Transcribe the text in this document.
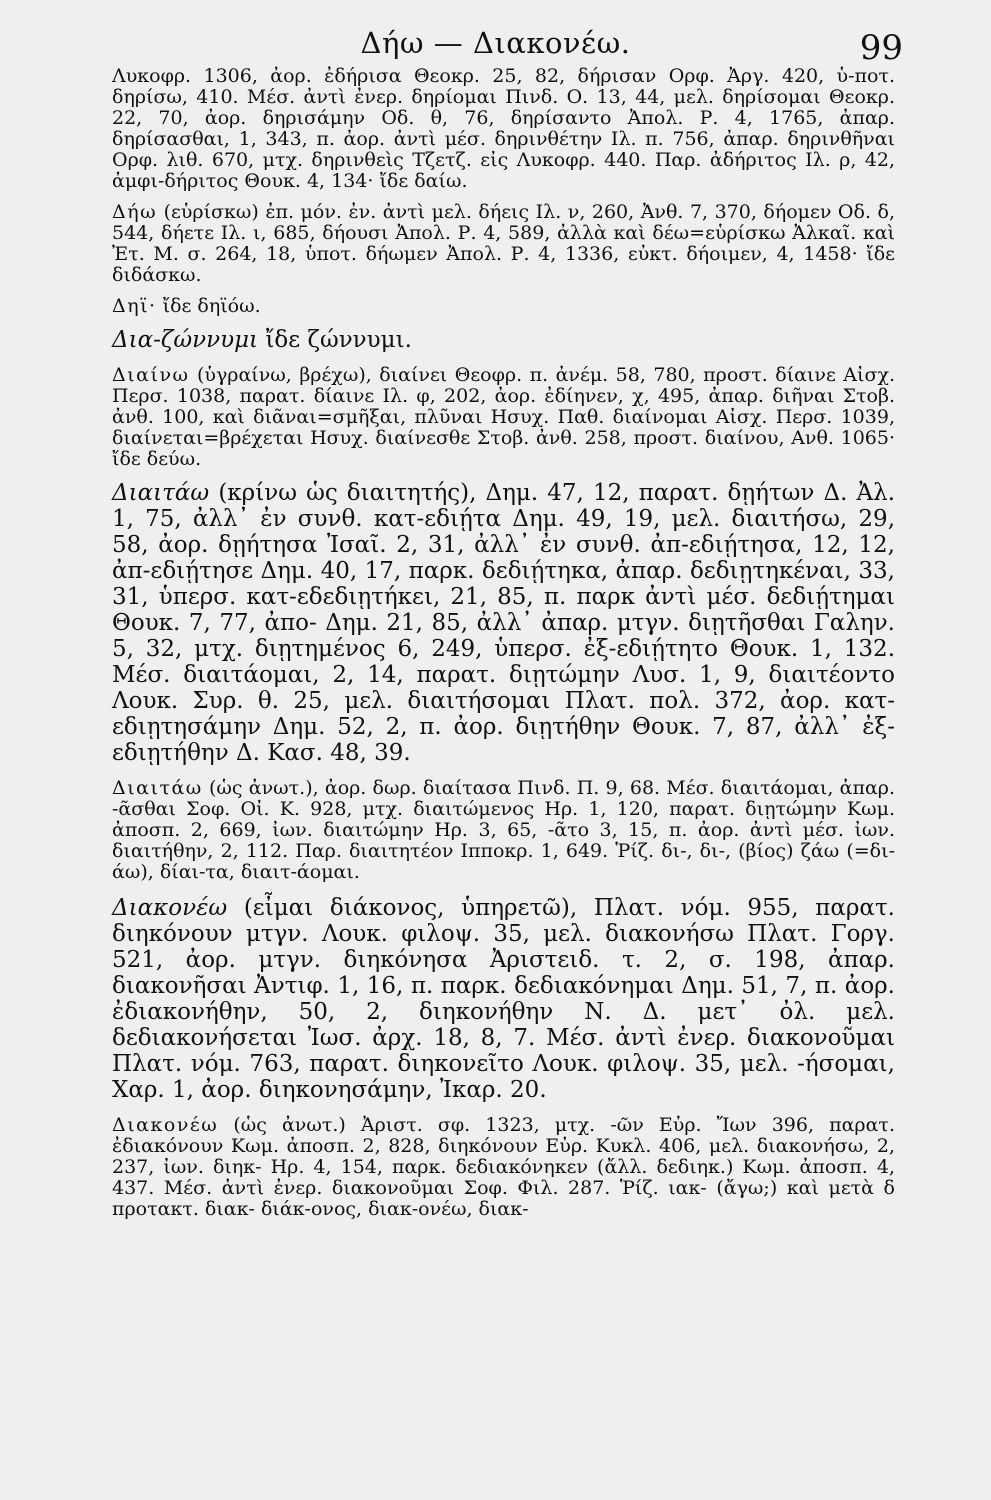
Δήω — Διακονέω.	99

Λυκοφρ. 1306, ἀορ. ἐδήρισα Θεοκρ. 25, 82, δήρισαν Ορφ. Ἀργ. 420, ὑ-ποτ. δηρίσω, 410. Μέσ. ἀντὶ ἐνερ. δηρίομαι Πινδ. Ο. 13, 44, μελ. δηρίσομαι Θεοκρ. 22, 70, ἀορ. δηρισάμην Οδ. θ, 76, δηρίσαντο Ἀπολ. Ρ. 4, 1765, ἀπαρ. δηρίσασθαι, 1, 343, π. ἀορ. ἀντὶ μέσ. δηρινθέτην Ιλ. π. 756, ἀπαρ. δηρινθῆναι Ορφ. λιθ. 670, μτχ. δηρινθεὶς Τζετζ. εἰς Λυκοφρ. 440. Παρ. ἀδήριτος Ιλ. ρ, 42, ἀμφι-δήριτος Θουκ. 4, 134· ἴδε δαίω.

Δήω (εὑρίσκω) ἐπ. μόν. ἐν. ἀντὶ μελ. δήεις Ιλ. ν, 260, Ἀνθ. 7, 370, δήομεν Οδ. δ, 544, δήετε Ιλ. ι, 685, δήουσι Ἀπολ. Ρ. 4, 589, ἀλλὰ καὶ δέω=εὑρίσκω Ἀλκαῖ. καὶ Ἐτ. Μ. σ. 264, 18, ὑποτ. δήωμεν Ἀπολ. Ρ. 4, 1336, εὐκτ. δήοιμεν, 4, 1458· ἴδε διδάσκω.

Δηϊ· ἴδε δηϊόω.

Δια-ζώννυμι ἴδε ζώννυμι.

Διαίνω (ὑγραίνω, βρέχω), διαίνει Θεοφρ. π. ἀνέμ. 58, 780, προστ. δίαινε Αἰσχ. Περσ. 1038, παρατ. δίαινε Ιλ. φ, 202, ἀορ. ἐδίηνεν, χ, 495, ἀπαρ. διῆναι Στοβ. ἀνθ. 100, καὶ διᾶναι=σμῆξαι, πλῦναι Ησυχ. Παθ. διαίνομαι Αἰσχ. Περσ. 1039, διαίνεται=βρέχεται Ησυχ. διαίνεσθε Στοβ. ἀνθ. 258, προστ. διαίνου, Ανθ. 1065· ἴδε δεύω.

Διαιτάω (κρίνω ὡς διαιτητής), Δημ. 47, 12, παρατ. δῃήτων Δ. Ἀλ. 1, 75, ἀλλ᾽ ἐν συνθ. κατ-εδιῄτα Δημ. 49, 19, μελ. διαιτήσω, 29, 58, ἀορ. δῃήτησα Ἰσαῖ. 2, 31, ἀλλ᾽ ἐν συνθ. ἀπ-εδιῄτησα, 12, 12, ἀπ-εδιῄτησε Δημ. 40, 17, παρκ. δεδιῄτηκα, ἀπαρ. δεδιῃτηκέναι, 33, 31, ὑπερσ. κατ-εδεδιῃτήκει, 21, 85, π. παρκ ἀντὶ μέσ. δεδιῄτημαι Θουκ. 7, 77, ἀπο- Δημ. 21, 85, ἀλλ᾽ ἀπαρ. μτγν. διῃτῆσθαι Γαλην. 5, 32, μτχ. διῃτημένος 6, 249, ὑπερσ. ἐξ-εδιῄτητο Θουκ. 1, 132. Μέσ. διαιτάομαι, 2, 14, παρατ. διῃτώμην Λυσ. 1, 9, διαιτέοντο Λουκ. Συρ. θ. 25, μελ. διαιτήσομαι Πλατ. πολ. 372, ἀορ. κατ-εδιῃτησάμην Δημ. 52, 2, π. ἀορ. διῃτήθην Θουκ. 7, 87, ἀλλ᾽ ἐξ-εδιῃτήθην Δ. Κασ. 48, 39.

Διαιτάω (ὡς ἀνωτ.), ἀορ. δωρ. διαίτασα Πινδ. Π. 9, 68. Μέσ. διαιτάομαι, ἀπαρ. -ᾶσθαι Σοφ. Οἰ. Κ. 928, μτχ. διαιτώμενος Ηρ. 1, 120, παρατ. διῃτώμην Κωμ. ἀποσπ. 2, 669, ἰων. διαιτώμην Ηρ. 3, 65, -ᾶτο 3, 15, π. ἀορ. ἀντὶ μέσ. ἰων. διαιτήθην, 2, 112. Παρ. διαιτητέον Ιπποκρ. 1, 649. Ῥίζ. δι-, δι-, (βίος) ζάω (=δι-άω), δίαι-τα, διαιτ-άομαι.

Διακονέω (εἶμαι διάκονος, ὑπηρετῶ), Πλατ. νόμ. 955, παρατ. διηκόνουν μτγν. Λουκ. φιλοψ. 35, μελ. διακονήσω Πλατ. Γοργ. 521, ἀορ. μτγν. διηκόνησα Ἀριστειδ. τ. 2, σ. 198, ἀπαρ. διακονῆσαι Ἀντιφ. 1, 16, π. παρκ. δεδιακόνημαι Δημ. 51, 7, π. ἀορ. ἐδιακονήθην, 50, 2, διηκονήθην Ν. Δ. μετ᾽ ὀλ. μελ. δεδιακονήσεται Ἰωσ. ἀρχ. 18, 8, 7. Μέσ. ἀντὶ ἐνερ. διακονοῦμαι Πλατ. νόμ. 763, παρατ. διηκονεῖτο Λουκ. φιλοψ. 35, μελ. -ήσομαι, Χαρ. 1, ἀορ. διηκονησάμην, Ἰκαρ. 20.

Διακονέω (ὡς ἀνωτ.) Ἀριστ. σφ. 1323, μτχ. -ῶν Εὐρ. Ἴων 396, παρατ. ἐδιακόνουν Κωμ. ἀποσπ. 2, 828, διηκόνουν Εὐρ. Κυκλ. 406, μελ. διακονήσω, 2, 237, ἰων. διηκ- Ηρ. 4, 154, παρκ. δεδιακόνηκεν (ἄλλ. δεδιηκ.) Κωμ. ἀποσπ. 4, 437. Μέσ. ἀντὶ ἐνερ. διακονοῦμαι Σοφ. Φιλ. 287. Ῥίζ. ιακ- (ἄγω;) καὶ μετὰ δ προτακτ. διακ- διάκ-ονος, διακ-ονέω, διακ-
